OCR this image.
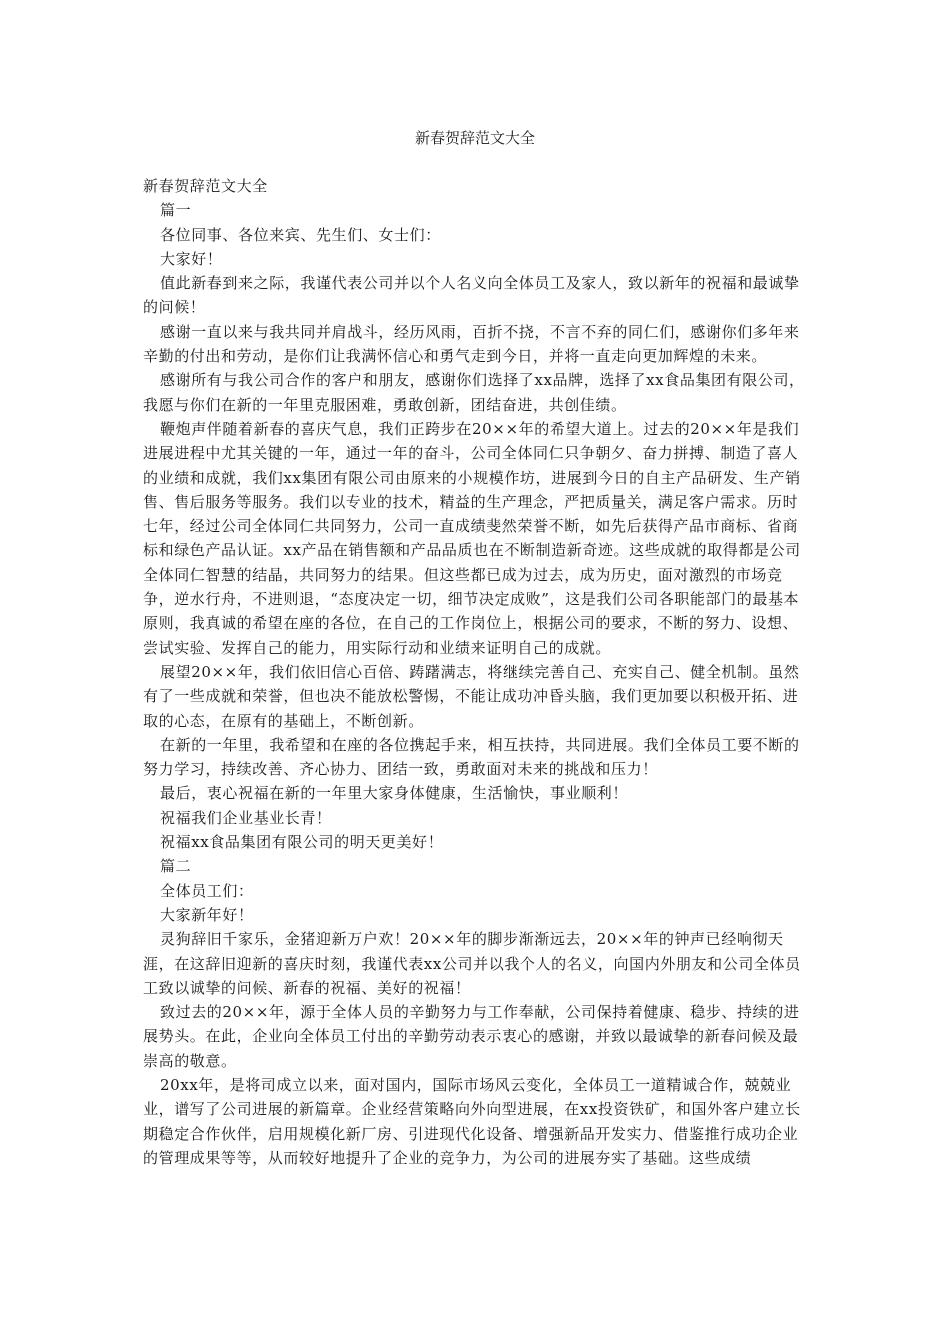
新春贺辞范文大全

新春贺辞范文大全

篇一

各位同事、各位来宾、先生们、女士们：

大家好！

值此新春到来之际，我谨代表公司并以个人名义向全体员工及家人，致以新年的祝福和最诚挚的问候！

感谢一直以来与我共同并肩战斗，经历风雨，百折不挠，不言不弃的同仁们，感谢你们多年来辛勤的付出和劳动，是你们让我满怀信心和勇气走到今日，并将一直走向更加辉煌的未来。

感谢所有与我公司合作的客户和朋友，感谢你们选择了xx品牌，选择了xx食品集团有限公司，我愿与你们在新的一年里克服困难，勇敢创新，团结奋进，共创佳绩。

鞭炮声伴随着新春的喜庆气息，我们正跨步在20××年的希望大道上。过去的20××年是我们进展进程中尤其关键的一年，通过一年的奋斗，公司全体同仁只争朝夕、奋力拼搏、制造了喜人的业绩和成就，我们xx集团有限公司由原来的小规模作坊，进展到今日的自主产品研发、生产销售、售后服务等服务。我们以专业的技术，精益的生产理念，严把质量关，满足客户需求。历时七年，经过公司全体同仁共同努力，公司一直成绩斐然荣誉不断，如先后获得产品市商标、省商标和绿色产品认证。xx产品在销售额和产品品质也在不断制造新奇迹。这些成就的取得都是公司全体同仁智慧的结晶，共同努力的结果。但这些都已成为过去，成为历史，面对激烈的市场竞争，逆水行舟，不进则退，“态度决定一切，细节决定成败”，这是我们公司各职能部门的最基本原则，我真诚的希望在座的各位，在自己的工作岗位上，根据公司的要求，不断的努力、设想、尝试实验、发挥自己的能力，用实际行动和业绩来证明自己的成就。

展望20××年，我们依旧信心百倍、踌躇满志，将继续完善自己、充实自己、健全机制。虽然有了一些成就和荣誉，但也决不能放松警惕，不能让成功冲昏头脑，我们更加要以积极开拓、进取的心态，在原有的基础上，不断创新。

在新的一年里，我希望和在座的各位携起手来，相互扶持，共同进展。我们全体员工要不断的努力学习，持续改善、齐心协力、团结一致，勇敢面对未来的挑战和压力！

最后，衷心祝福在新的一年里大家身体健康，生活愉快，事业顺利！

祝福我们企业基业长青！

祝福xx食品集团有限公司的明天更美好！

篇二

全体员工们：

大家新年好！

灵狗辞旧千家乐，金猪迎新万户欢！20××年的脚步渐渐远去，20××年的钟声已经响彻天涯，在这辞旧迎新的喜庆时刻，我谨代表xx公司并以我个人的名义，向国内外朋友和公司全体员工致以诚挚的问候、新春的祝福、美好的祝福！

致过去的20××年，源于全体人员的辛勤努力与工作奉献，公司保持着健康、稳步、持续的进展势头。在此，企业向全体员工付出的辛勤劳动表示衷心的感谢，并致以最诚挚的新春问候及最崇高的敬意。

20xx年，是将司成立以来，面对国内，国际市场风云变化，全体员工一道精诚合作，兢兢业业，谱写了公司进展的新篇章。企业经营策略向外向型进展，在xx投资铁矿，和国外客户建立长期稳定合作伙伴，启用规模化新厂房、引进现代化设备、增强新品开发实力、借鉴推行成功企业的管理成果等等，从而较好地提升了企业的竞争力，为公司的进展夯实了基础。这些成绩
